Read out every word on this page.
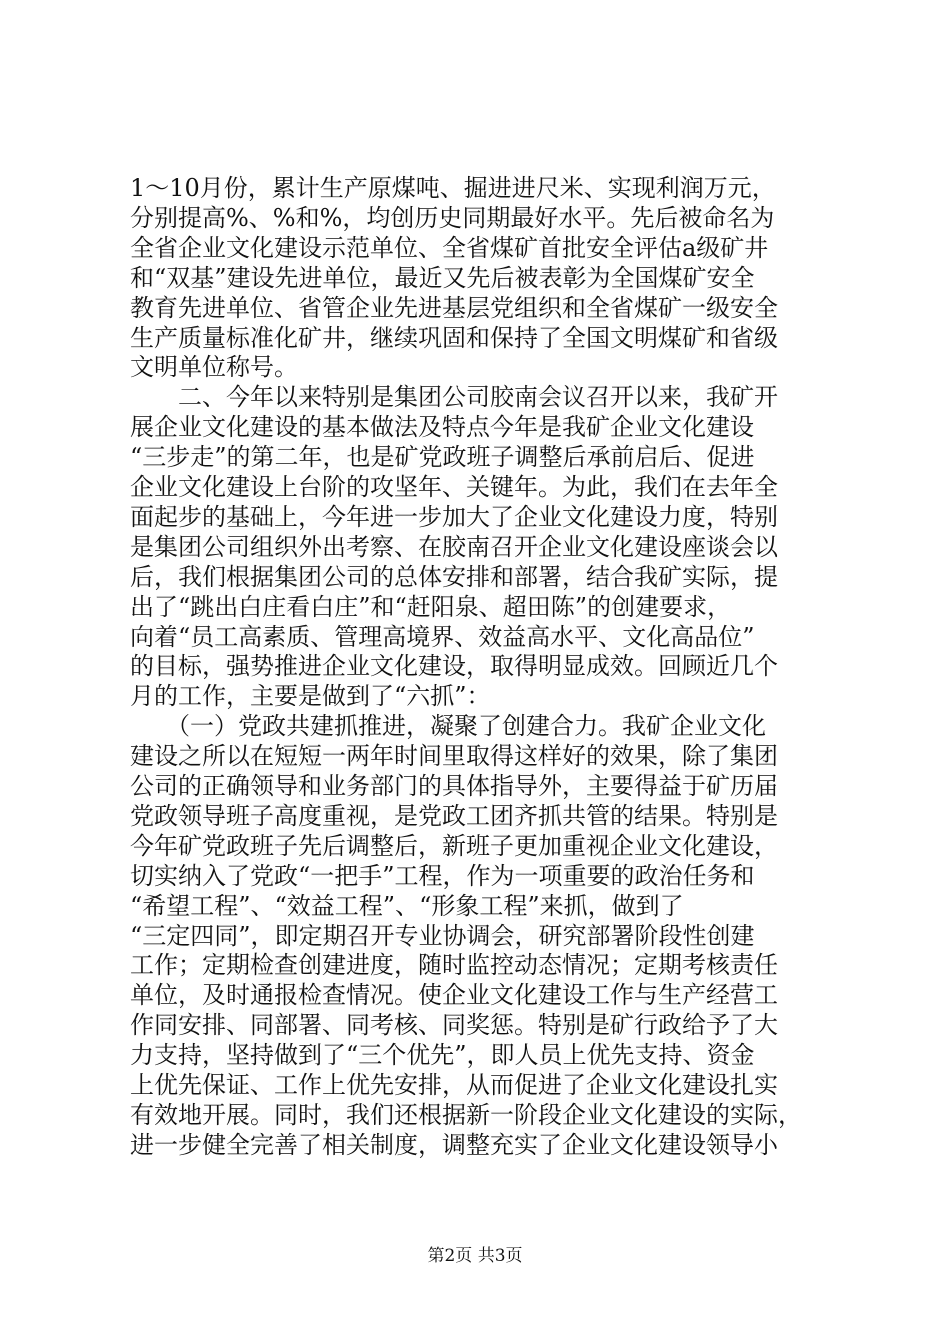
1～10月份，累计生产原煤吨、掘进进尺米、实现利润万元，
分别提高%、%和%，均创历史同期最好水平。先后被命名为
全省企业文化建设示范单位、全省煤矿首批安全评估a级矿井
和“双基”建设先进单位，最近又先后被表彰为全国煤矿安全
教育先进单位、省管企业先进基层党组织和全省煤矿一级安全
生产质量标准化矿井，继续巩固和保持了全国文明煤矿和省级
文明单位称号。
　　二、今年以来特别是集团公司胶南会议召开以来，我矿开
展企业文化建设的基本做法及特点今年是我矿企业文化建设
“三步走”的第二年，也是矿党政班子调整后承前启后、促进
企业文化建设上台阶的攻坚年、关键年。为此，我们在去年全
面起步的基础上，今年进一步加大了企业文化建设力度，特别
是集团公司组织外出考察、在胶南召开企业文化建设座谈会以
后，我们根据集团公司的总体安排和部署，结合我矿实际，提
出了“跳出白庄看白庄”和“赶阳泉、超田陈”的创建要求，
向着“员工高素质、管理高境界、效益高水平、文化高品位”
的目标，强势推进企业文化建设，取得明显成效。回顾近几个
月的工作，主要是做到了“六抓”：
　　（一）党政共建抓推进，凝聚了创建合力。我矿企业文化
建设之所以在短短一两年时间里取得这样好的效果，除了集团
公司的正确领导和业务部门的具体指导外，主要得益于矿历届
党政领导班子高度重视，是党政工团齐抓共管的结果。特别是
今年矿党政班子先后调整后，新班子更加重视企业文化建设，
切实纳入了党政“一把手”工程，作为一项重要的政治任务和
“希望工程”、“效益工程”、“形象工程”来抓，做到了
“三定四同”，即定期召开专业协调会，研究部署阶段性创建
工作；定期检查创建进度，随时监控动态情况；定期考核责任
单位，及时通报检查情况。使企业文化建设工作与生产经营工
作同安排、同部署、同考核、同奖惩。特别是矿行政给予了大
力支持，坚持做到了“三个优先”，即人员上优先支持、资金
上优先保证、工作上优先安排，从而促进了企业文化建设扎实
有效地开展。同时，我们还根据新一阶段企业文化建设的实际，
进一步健全完善了相关制度，调整充实了企业文化建设领导小
第2页 共3页
